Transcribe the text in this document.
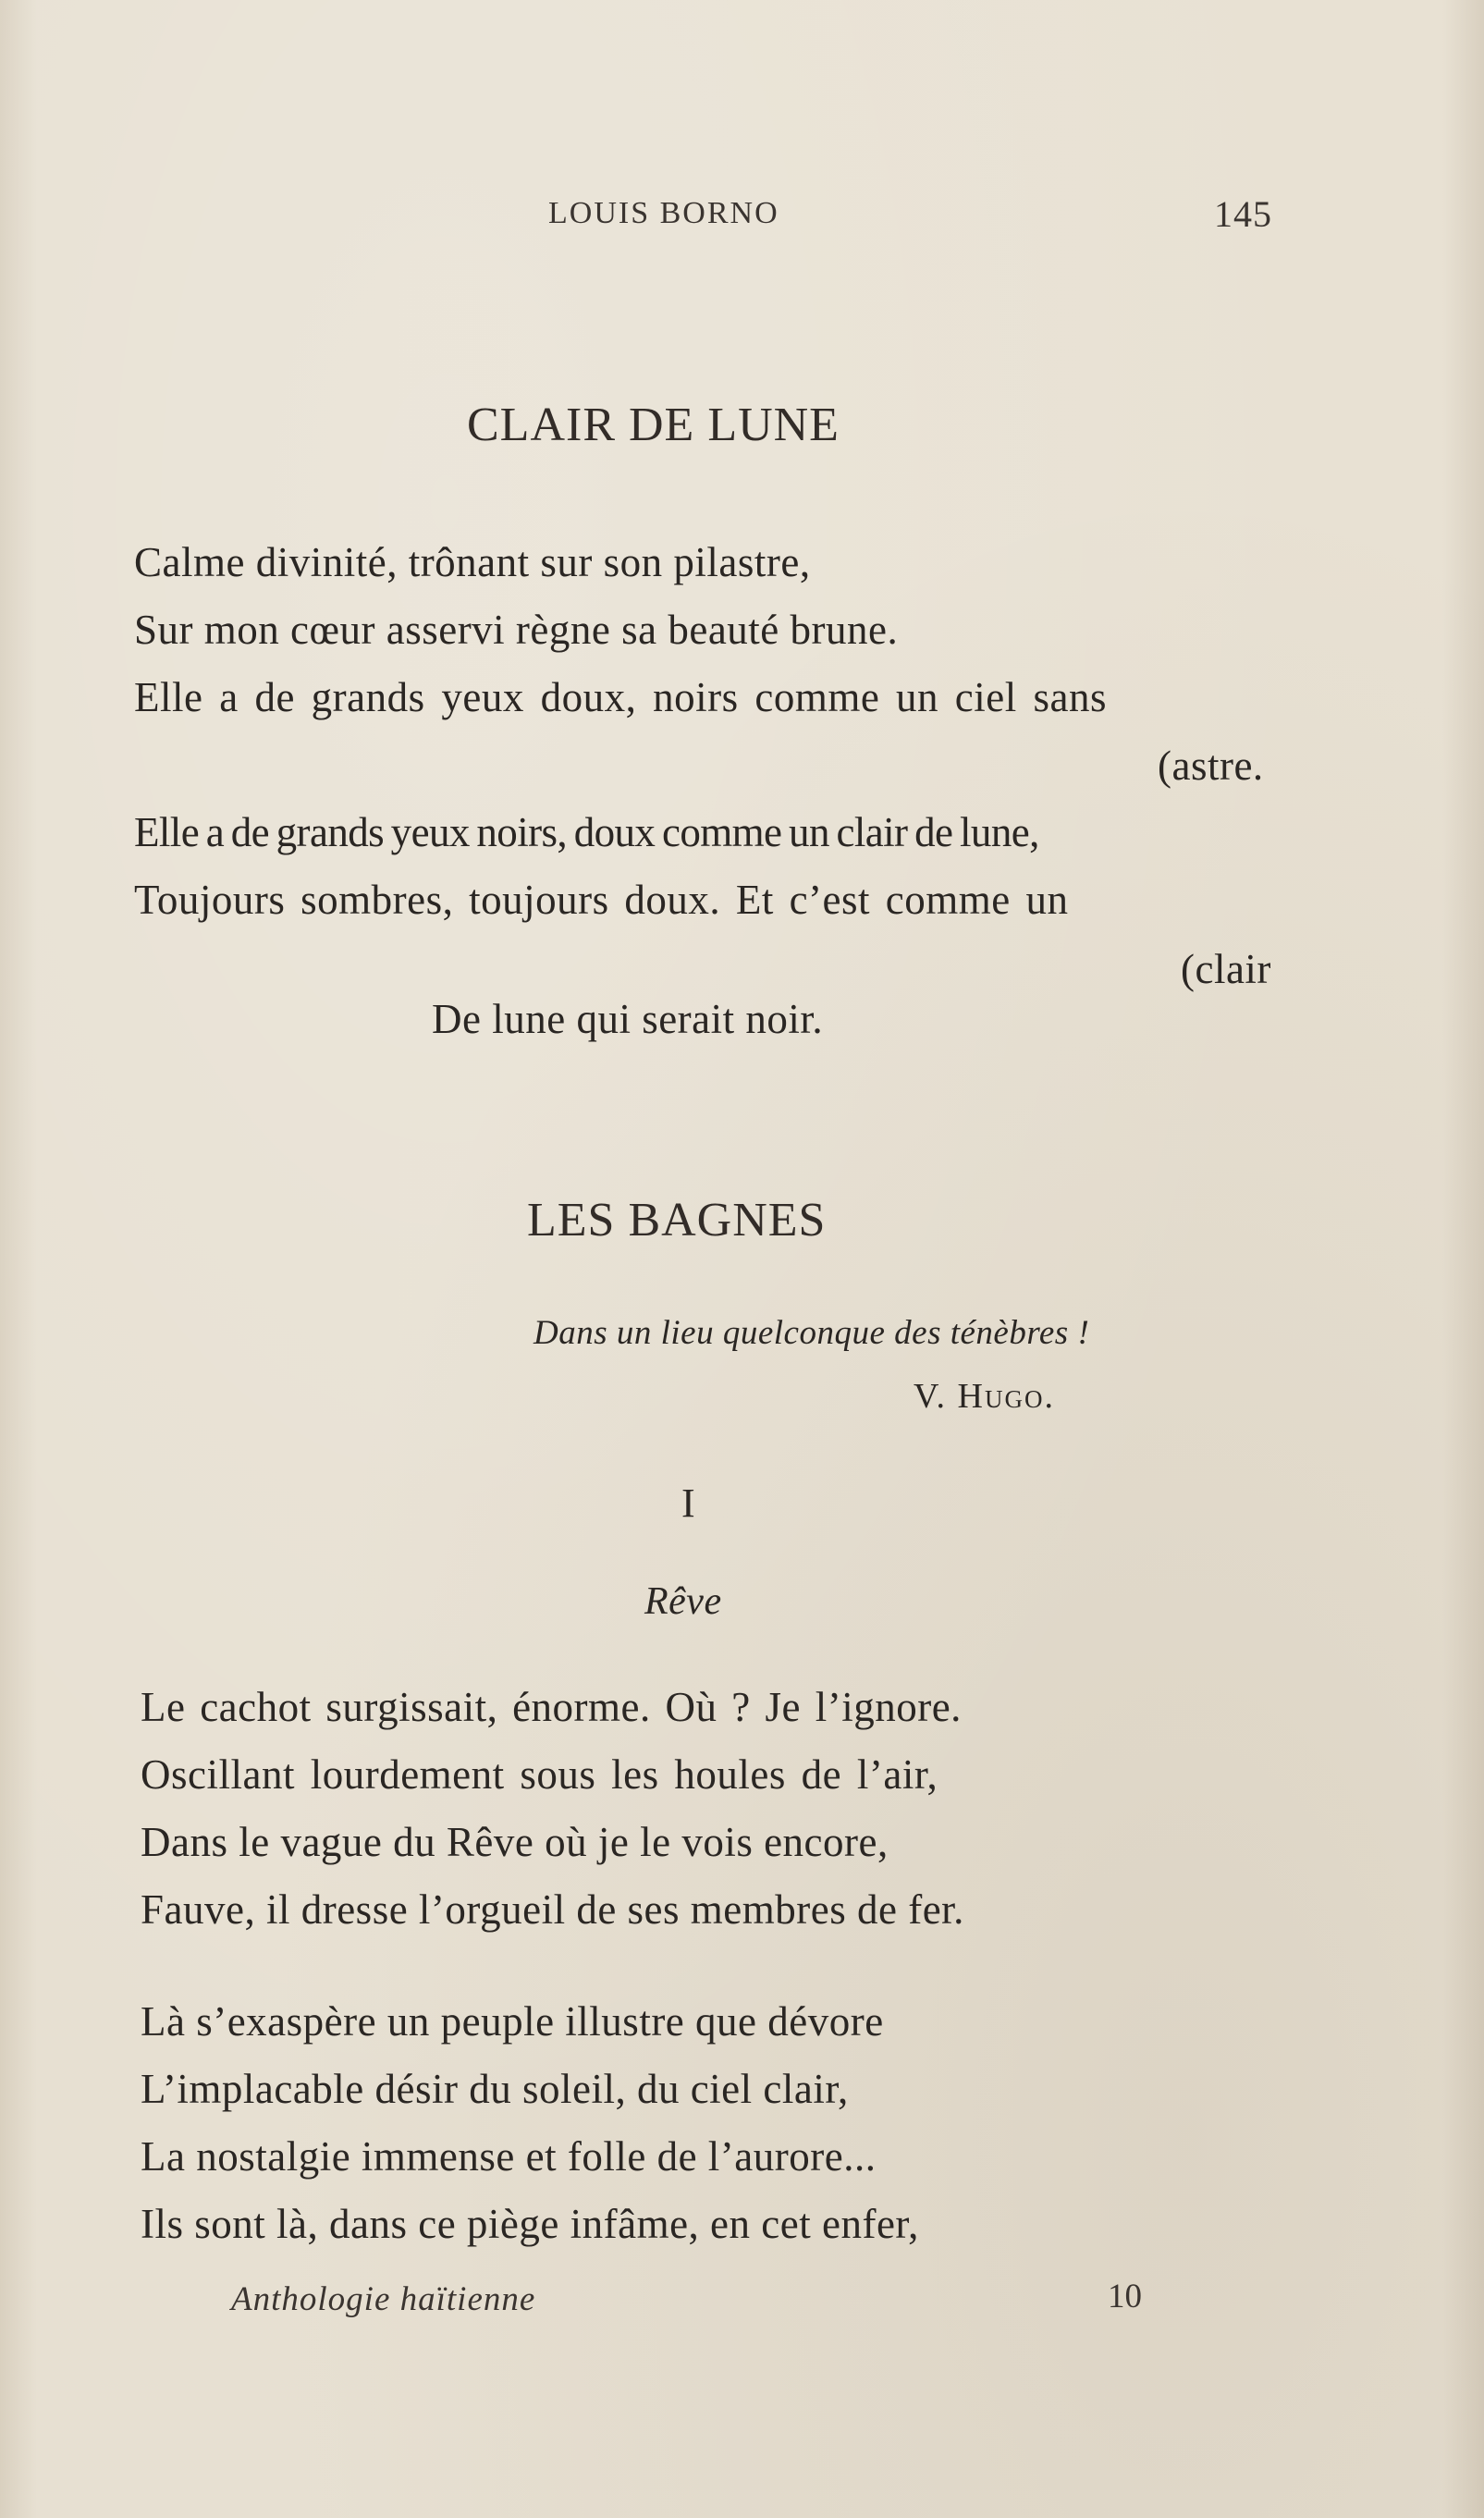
LOUIS BORNO	145
CLAIR DE LUNE
Calme divinité, trônant sur son pilastre,
Sur mon cœur asservi règne sa beauté brune.
Elle a de grands yeux doux, noirs comme un ciel sans
(astre.
Elle a de grands yeux noirs, doux comme un clair de lune,
Toujours sombres, toujours doux. Et c’est comme un
(clair
De lune qui serait noir.
LES BAGNES
Dans un lieu quelconque des ténèbres !
V. Hugo.
I
Rêve
Le cachot surgissait, énorme. Où ? Je l’ignore.
Oscillant lourdement sous les houles de l’air,
Dans le vague du Rêve où je le vois encore,
Fauve, il dresse l’orgueil de ses membres de fer.
Là s’exaspère un peuple illustre que dévore
L’implacable désir du soleil, du ciel clair,
La nostalgie immense et folle de l’aurore...
Ils sont là, dans ce piège infâme, en cet enfer,
Anthologie haïtienne	10
